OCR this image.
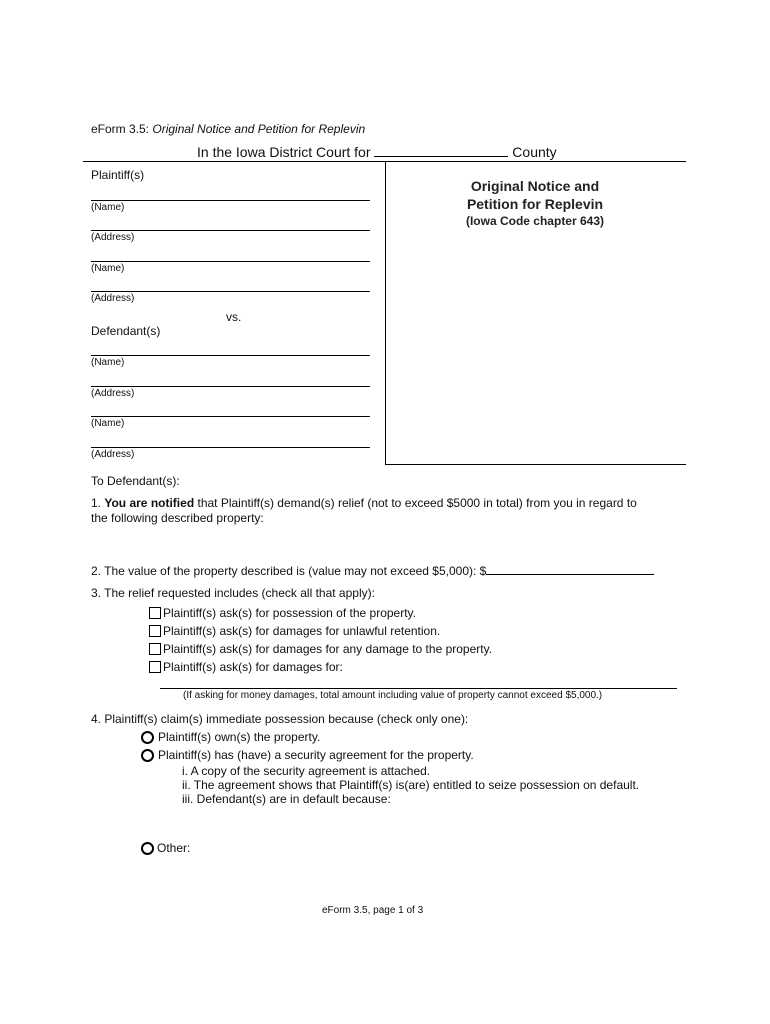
eForm 3.5: Original Notice and Petition for Replevin
In the Iowa District Court for	County
Plaintiff(s)
(Name)
(Address)
(Name)
(Address)
vs.
Defendant(s)
(Name)
(Address)
(Name)
(Address)
Original Notice and
Petition for Replevin
(Iowa Code chapter 643)
To Defendant(s):
1. You are notified that Plaintiff(s) demand(s) relief (not to exceed $5000 in total) from you in regard to
the following described property:
2. The value of the property described is (value may not exceed $5,000): $
3. The relief requested includes (check all that apply):
Plaintiff(s) ask(s) for possession of the property.
Plaintiff(s) ask(s) for damages for unlawful retention.
Plaintiff(s) ask(s) for damages for any damage to the property.
Plaintiff(s) ask(s) for damages for:
(If asking for money damages, total amount including value of property cannot exceed $5,000.)
4. Plaintiff(s) claim(s) immediate possession because (check only one):
Plaintiff(s) own(s) the property.
Plaintiff(s) has (have) a security agreement for the property.
i. A copy of the security agreement is attached.
ii. The agreement shows that Plaintiff(s) is(are) entitled to seize possession on default.
iii. Defendant(s) are in default because:
Other:
eForm 3.5, page 1 of 3
